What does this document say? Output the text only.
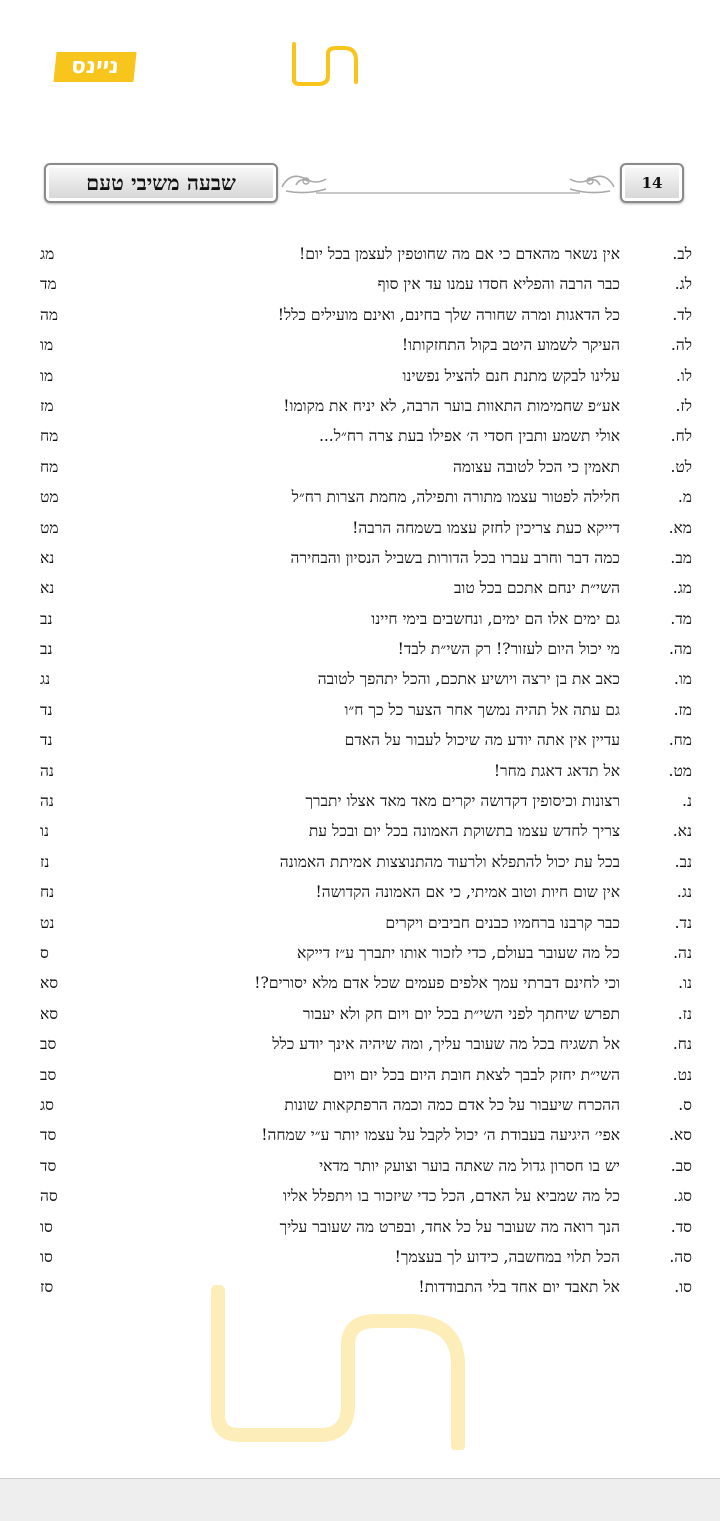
ניינס
שבעה משיבי טעם	14
לב.
אין נשאר מהאדם כי אם מה שחוטפין לעצמן בכל יום!
מג
לג.
כבר הרבה והפליא חסדו עמנו עד אין סוף
מד
לד.
כל הדאגות ומרה שחורה שלך בחינם, ואינם מועילים כלל!
מה
לה.
העיקר לשמוע היטב בקול התחזקותו!
מו
לו.
עלינו לבקש מתנת חנם להציל נפשינו
מו
לז.
אע״פ שחמימות התאוות בוער הרבה, לא יניח את מקומו!
מז
לח.
אולי תשמע ותבין חסדי ה׳ אפילו בעת צרה רח״ל...
מח
לט.
תאמין כי הכל לטובה עצומה
מח
מ.
חלילה לפטור עצמו מתורה ותפילה, מחמת הצרות רח״ל
מט
מא.
דייקא כעת צריכין לחזק עצמו בשמחה הרבה!
מט
מב.
כמה דבר וחרב עברו בכל הדורות בשביל הנסיון והבחירה
נא
מג.
השי״ת ינחם אתכם בכל טוב
נא
מד.
גם ימים אלו הם ימים, ונחשבים בימי חיינו
נב
מה.
מי יכול היום לעזור?! רק השי״ת לבד!
נב
מו.
כאב את בן ירצה ויושיע אתכם, והכל יתהפך לטובה
נג
מז.
גם עתה אל תהיה נמשך אחר הצער כל כך ח״ו
נד
מח.
עדיין אין אתה יודע מה שיכול לעבור על האדם
נד
מט.
אל תדאג דאגת מחר!
נה
נ.
רצונות וכיסופין דקדושה יקרים מאד מאד אצלו יתברך
נה
נא.
צריך לחדש עצמו בתשוקת האמונה בכל יום ובכל עת
נו
נב.
בכל עת יכול להתפלא ולרעוד מהתנוצצות אמיתת האמונה
נז
נג.
אין שום חיות וטוב אמיתי, כי אם האמונה הקדושה!
נח
נד.
כבר קרבנו ברחמיו כבנים חביבים ויקרים
נט
נה.
כל מה שעובר בעולם, כדי לזכור אותו יתברך ע״ז דייקא
ס
נו.
וכי לחינם דברתי עמך אלפים פעמים שכל אדם מלא יסורים?!
סא
נז.
תפרש שיחתך לפני השי״ת בכל יום ויום חק ולא יעבור
סא
נח.
אל תשגיח בכל מה שעובר עליך, ומה שיהיה אינך יודע כלל
סב
נט.
השי״ת יחזק לבבך לצאת חובת היום בכל יום ויום
סב
ס.
ההכרח שיעבור על כל אדם כמה וכמה הרפתקאות שונות
סג
סא.
אפי׳ היגיעה בעבודת ה׳ יכול לקבל על עצמו יותר ע״י שמחה!
סד
סב.
יש בו חסרון גדול מה שאתה בוער וצועק יותר מדאי
סד
סג.
כל מה שמביא על האדם, הכל כדי שיזכור בו ויתפלל אליו
סה
סד.
הנך רואה מה שעובר על כל אחד, ובפרט מה שעובר עליך
סו
סה.
הכל תלוי במחשבה, כידוע לך בעצמך!
סו
סו.
אל תאבד יום אחד בלי התבודדות!
סז
